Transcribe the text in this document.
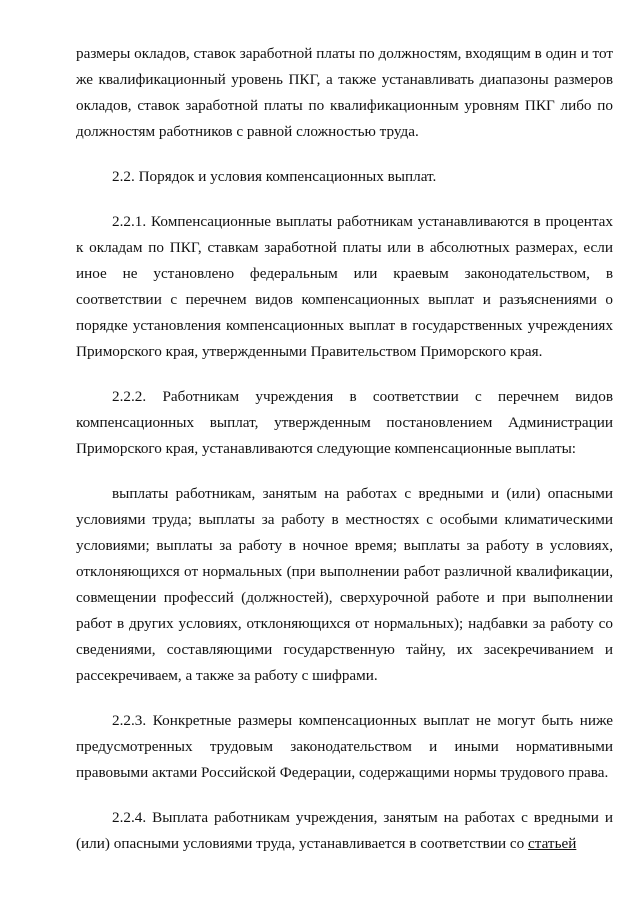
размеры окладов, ставок заработной платы по должностям, входящим в один и тот же квалификационный уровень ПКГ, а также устанавливать диапазоны размеров окладов, ставок заработной платы по квалификационным уровням ПКГ либо по должностям работников с равной сложностью труда.

2.2. Порядок и условия компенсационных выплат.

2.2.1. Компенсационные выплаты работникам устанавливаются в процентах к окладам по ПКГ, ставкам заработной платы или в абсолютных размерах, если иное не установлено федеральным или краевым законодательством, в соответствии с перечнем видов компенсационных выплат и разъяснениями о порядке установления компенсационных выплат в государственных учреждениях Приморского края, утвержденными Правительством Приморского края.

2.2.2. Работникам учреждения в соответствии с перечнем видов компенсационных выплат, утвержденным постановлением Администрации Приморского края, устанавливаются следующие компенсационные выплаты:

выплаты работникам, занятым на работах с вредными и (или) опасными условиями труда; выплаты за работу в местностях с особыми климатическими условиями; выплаты за работу в ночное время; выплаты за работу в условиях, отклоняющихся от нормальных (при выполнении работ различной квалификации, совмещении профессий (должностей), сверхурочной работе и при выполнении работ в других условиях, отклоняющихся от нормальных); надбавки за работу со сведениями, составляющими государственную тайну, их засекречиванием и рассекречиваем, а также за работу с шифрами.

2.2.3. Конкретные размеры компенсационных выплат не могут быть ниже предусмотренных трудовым законодательством и иными нормативными правовыми актами Российской Федерации, содержащими нормы трудового права.

2.2.4. Выплата работникам учреждения, занятым на работах с вредными и (или) опасными условиями труда, устанавливается в соответствии со статьей
